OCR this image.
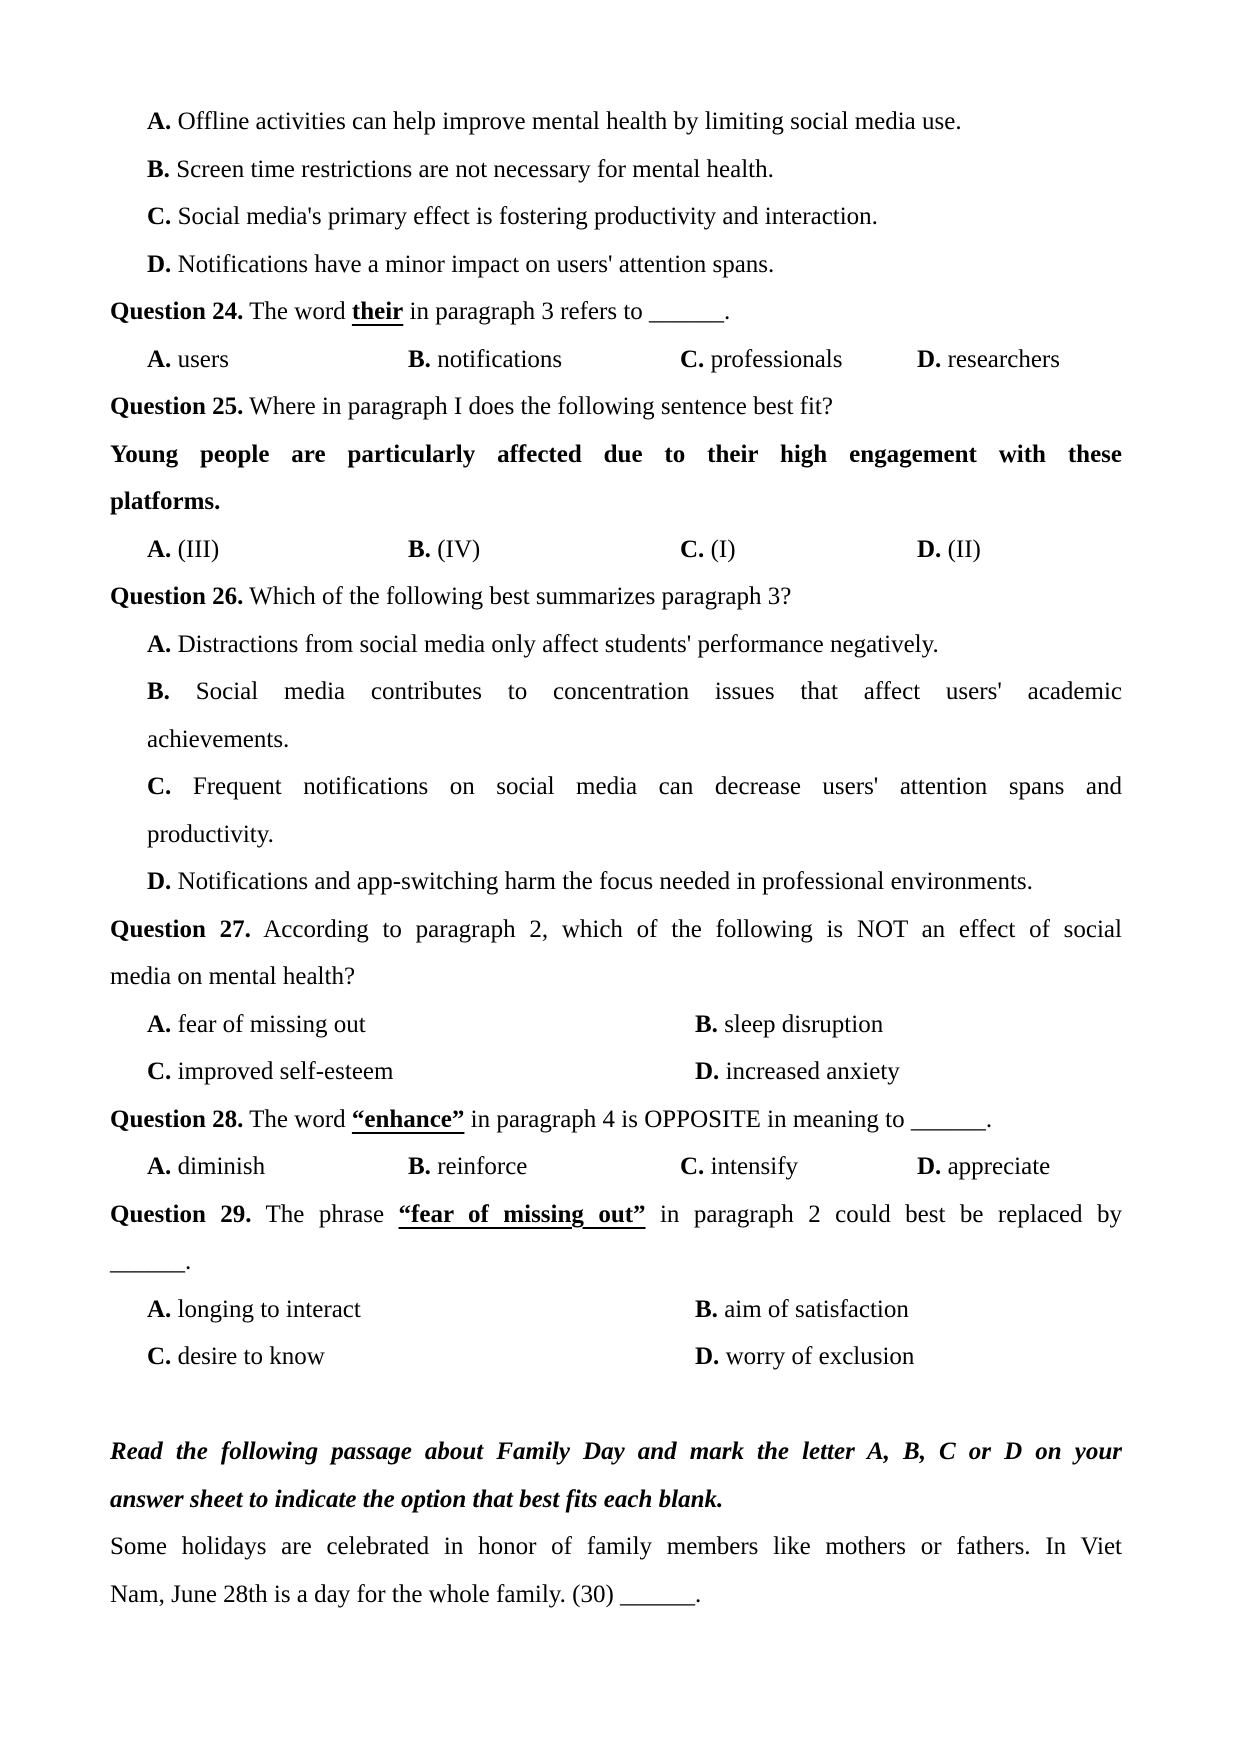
A. Offline activities can help improve mental health by limiting social media use.
B. Screen time restrictions are not necessary for mental health.
C. Social media's primary effect is fostering productivity and interaction.
D. Notifications have a minor impact on users' attention spans.
Question 24. The word their in paragraph 3 refers to ______.
A. users	B. notifications	C. professionals	D. researchers
Question 25. Where in paragraph I does the following sentence best fit?
Young people are particularly affected due to their high engagement with these
platforms.
A. (III)	B. (IV)	C. (I)	D. (II)
Question 26. Which of the following best summarizes paragraph 3?
A. Distractions from social media only affect students' performance negatively.
B. Social media contributes to concentration issues that affect users' academic
achievements.
C. Frequent notifications on social media can decrease users' attention spans and
productivity.
D. Notifications and app-switching harm the focus needed in professional environments.
Question 27. According to paragraph 2, which of the following is NOT an effect of social
media on mental health?
A. fear of missing out	B. sleep disruption
C. improved self-esteem	D. increased anxiety
Question 28. The word “enhance” in paragraph 4 is OPPOSITE in meaning to ______.
A. diminish	B. reinforce	C. intensify	D. appreciate
Question 29. The phrase “fear of missing out” in paragraph 2 could best be replaced by
______.
A. longing to interact	B. aim of satisfaction
C. desire to know	D. worry of exclusion
Read the following passage about Family Day and mark the letter A, B, C or D on your
answer sheet to indicate the option that best fits each blank.
Some holidays are celebrated in honor of family members like mothers or fathers. In Viet
Nam, June 28th is a day for the whole family. (30) ______.
